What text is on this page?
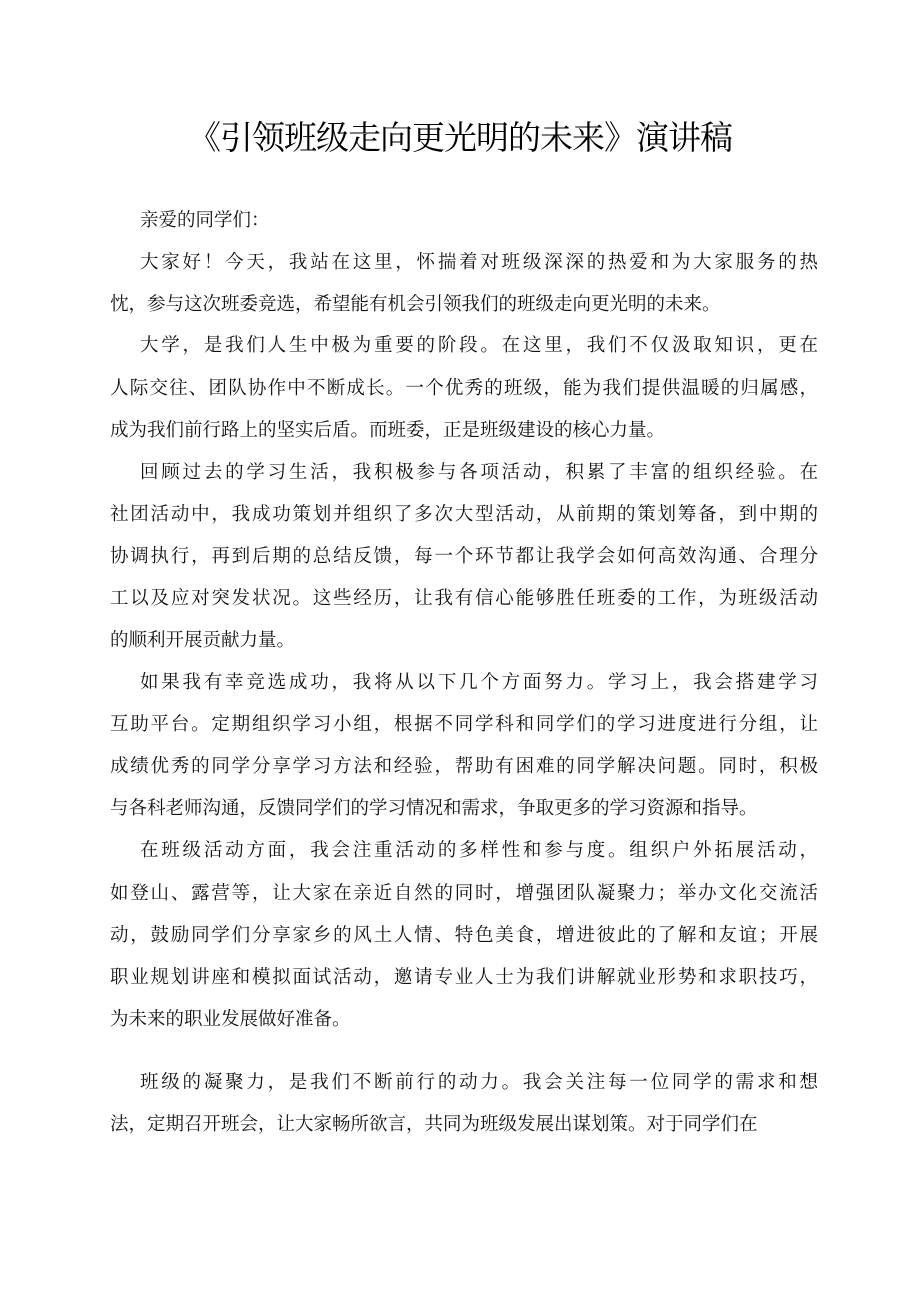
《引领班级走向更光明的未来》演讲稿
亲爱的同学们：
大家好！今天，我站在这里，怀揣着对班级深深的热爱和为大家服务的热
忱，参与这次班委竞选，希望能有机会引领我们的班级走向更光明的未来。
大学，是我们人生中极为重要的阶段。在这里，我们不仅汲取知识，更在
人际交往、团队协作中不断成长。一个优秀的班级，能为我们提供温暖的归属感，
成为我们前行路上的坚实后盾。而班委，正是班级建设的核心力量。
回顾过去的学习生活，我积极参与各项活动，积累了丰富的组织经验。在
社团活动中，我成功策划并组织了多次大型活动，从前期的策划筹备，到中期的
协调执行，再到后期的总结反馈，每一个环节都让我学会如何高效沟通、合理分
工以及应对突发状况。这些经历，让我有信心能够胜任班委的工作，为班级活动
的顺利开展贡献力量。
如果我有幸竞选成功，我将从以下几个方面努力。学习上，我会搭建学习
互助平台。定期组织学习小组，根据不同学科和同学们的学习进度进行分组，让
成绩优秀的同学分享学习方法和经验，帮助有困难的同学解决问题。同时，积极
与各科老师沟通，反馈同学们的学习情况和需求，争取更多的学习资源和指导。
在班级活动方面，我会注重活动的多样性和参与度。组织户外拓展活动，
如登山、露营等，让大家在亲近自然的同时，增强团队凝聚力；举办文化交流活
动，鼓励同学们分享家乡的风土人情、特色美食，增进彼此的了解和友谊；开展
职业规划讲座和模拟面试活动，邀请专业人士为我们讲解就业形势和求职技巧，
为未来的职业发展做好准备。
班级的凝聚力，是我们不断前行的动力。我会关注每一位同学的需求和想
法，定期召开班会，让大家畅所欲言，共同为班级发展出谋划策。对于同学们在
